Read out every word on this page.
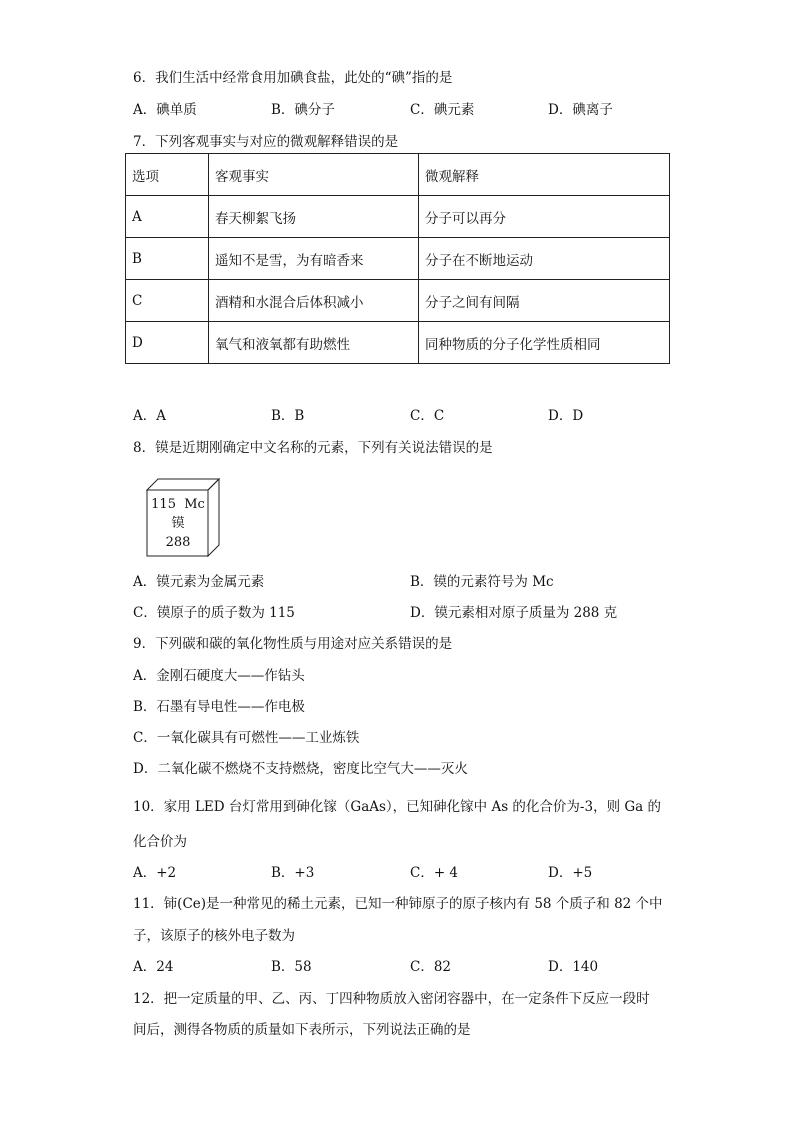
6．我们生活中经常食用加碘食盐，此处的“碘”指的是
A．碘单质	B．碘分子	C．碘元素	D．碘离子
7．下列客观事实与对应的微观解释错误的是
选项	客观事实	微观解释
A	春天柳絮飞扬	分子可以再分
B	遥知不是雪，为有暗香来	分子在不断地运动
C	酒精和水混合后体积减小	分子之间有间隔
D	氧气和液氧都有助燃性	同种物质的分子化学性质相同
A．A	B．B	C．C	D．D
8．镆是近期刚确定中文名称的元素，下列有关说法错误的是
115 Mc
镆
288
A．镆元素为金属元素	B．镆的元素符号为 Mc
C．镆原子的质子数为 115	D．镆元素相对原子质量为 288 克
9．下列碳和碳的氧化物性质与用途对应关系错误的是
A．金刚石硬度大——作钻头
B．石墨有导电性——作电极
C．一氧化碳具有可燃性——工业炼铁
D．二氧化碳不燃烧不支持燃烧，密度比空气大——灭火
10．家用 LED 台灯常用到砷化镓（GaAs），已知砷化镓中 As 的化合价为-3，则 Ga 的
化合价为
A．+2	B．+3	C．+ 4	D．+5
11．铈(Ce)是一种常见的稀土元素，已知一种铈原子的原子核内有 58 个质子和 82 个中
子，该原子的核外电子数为
A．24	B．58	C．82	D．140
12．把一定质量的甲、乙、丙、丁四种物质放入密闭容器中，在一定条件下反应一段时
间后，测得各物质的质量如下表所示，下列说法正确的是
